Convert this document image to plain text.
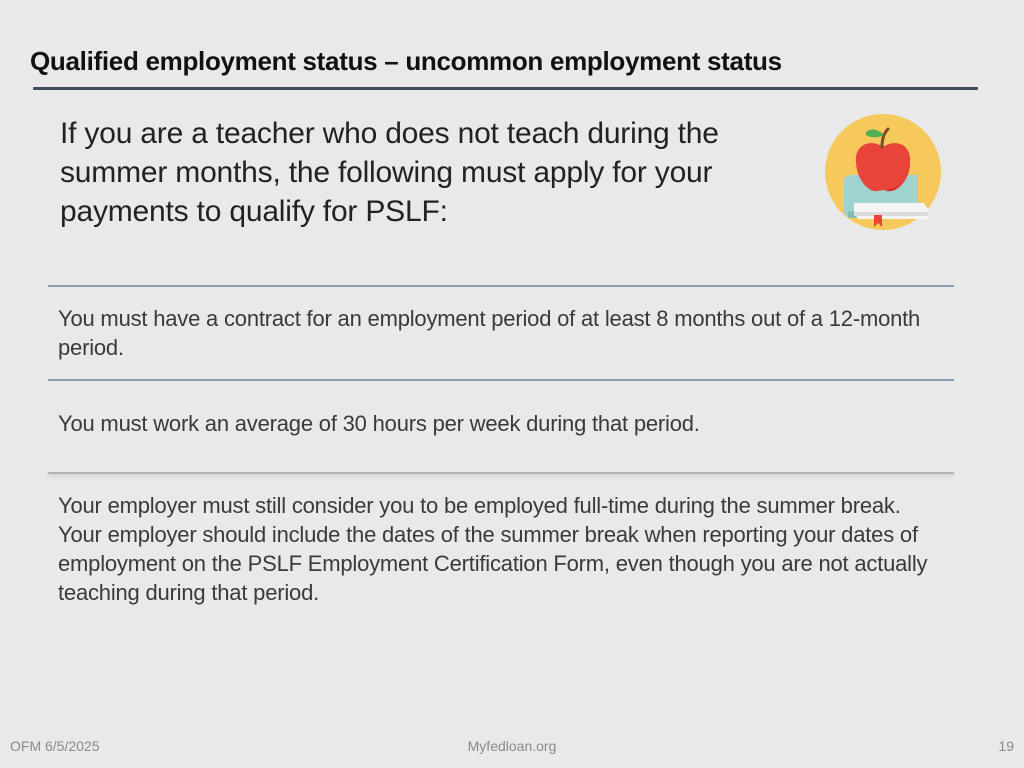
Qualified employment status – uncommon employment status
If you are a teacher who does not teach during the summer months, the following must apply for your payments to qualify for PSLF:
You must have a contract for an employment period of at least 8 months out of a 12-month period.
You must work an average of 30 hours per week during that period.
Your employer must still consider you to be employed full-time during the summer break. Your employer should include the dates of the summer break when reporting your dates of employment on the PSLF Employment Certification Form, even though you are not actually teaching during that period.
OFM 6/5/2025	Myfedloan.org	19
